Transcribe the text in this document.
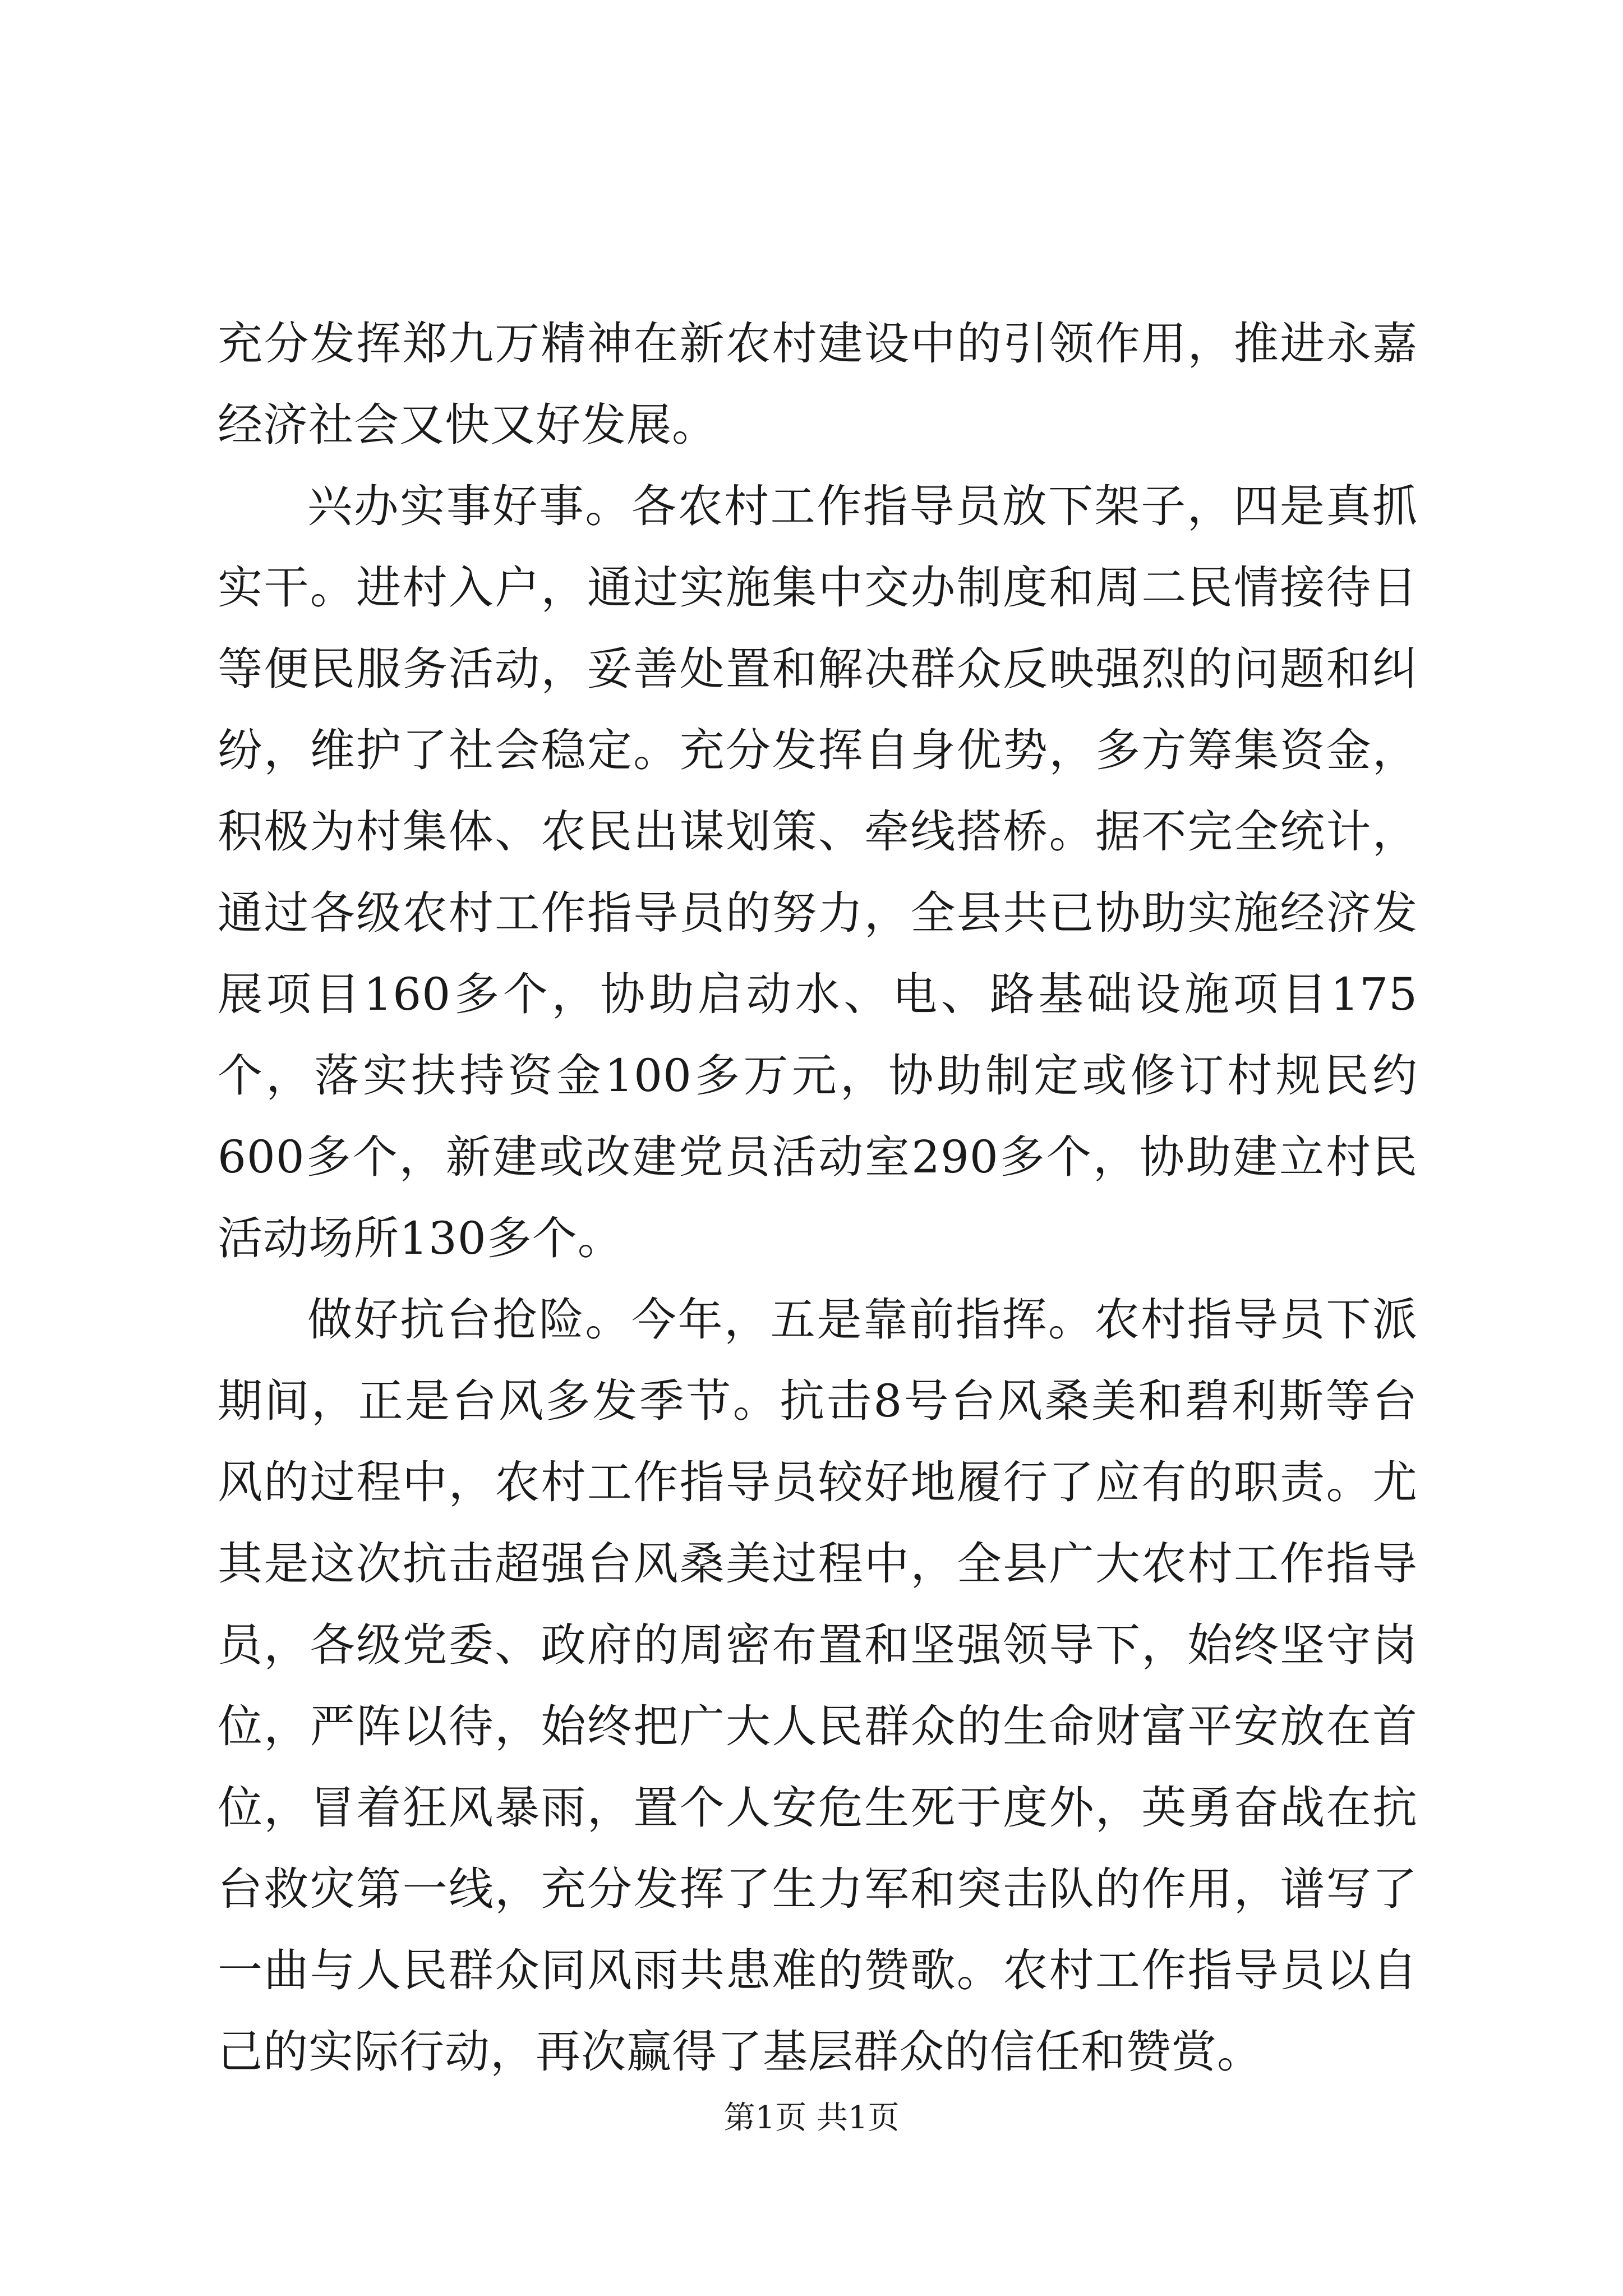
充分发挥郑九万精神在新农村建设中的引领作用，推进永嘉经济社会又快又好发展。

兴办实事好事。各农村工作指导员放下架子，四是真抓实干。进村入户，通过实施集中交办制度和周二民情接待日等便民服务活动，妥善处置和解决群众反映强烈的问题和纠纷，维护了社会稳定。充分发挥自身优势，多方筹集资金，积极为村集体、农民出谋划策、牵线搭桥。据不完全统计，通过各级农村工作指导员的努力，全县共已协助实施经济发展项目160多个，协助启动水、电、路基础设施项目175个，落实扶持资金100多万元，协助制定或修订村规民约600多个，新建或改建党员活动室290多个，协助建立村民活动场所130多个。

做好抗台抢险。今年，五是靠前指挥。农村指导员下派期间，正是台风多发季节。抗击8号台风桑美和碧利斯等台风的过程中，农村工作指导员较好地履行了应有的职责。尤其是这次抗击超强台风桑美过程中，全县广大农村工作指导员，各级党委、政府的周密布置和坚强领导下，始终坚守岗位，严阵以待，始终把广大人民群众的生命财富平安放在首位，冒着狂风暴雨，置个人安危生死于度外，英勇奋战在抗台救灾第一线，充分发挥了生力军和突击队的作用，谱写了一曲与人民群众同风雨共患难的赞歌。农村工作指导员以自己的实际行动，再次赢得了基层群众的信任和赞赏。

第1页 共1页
